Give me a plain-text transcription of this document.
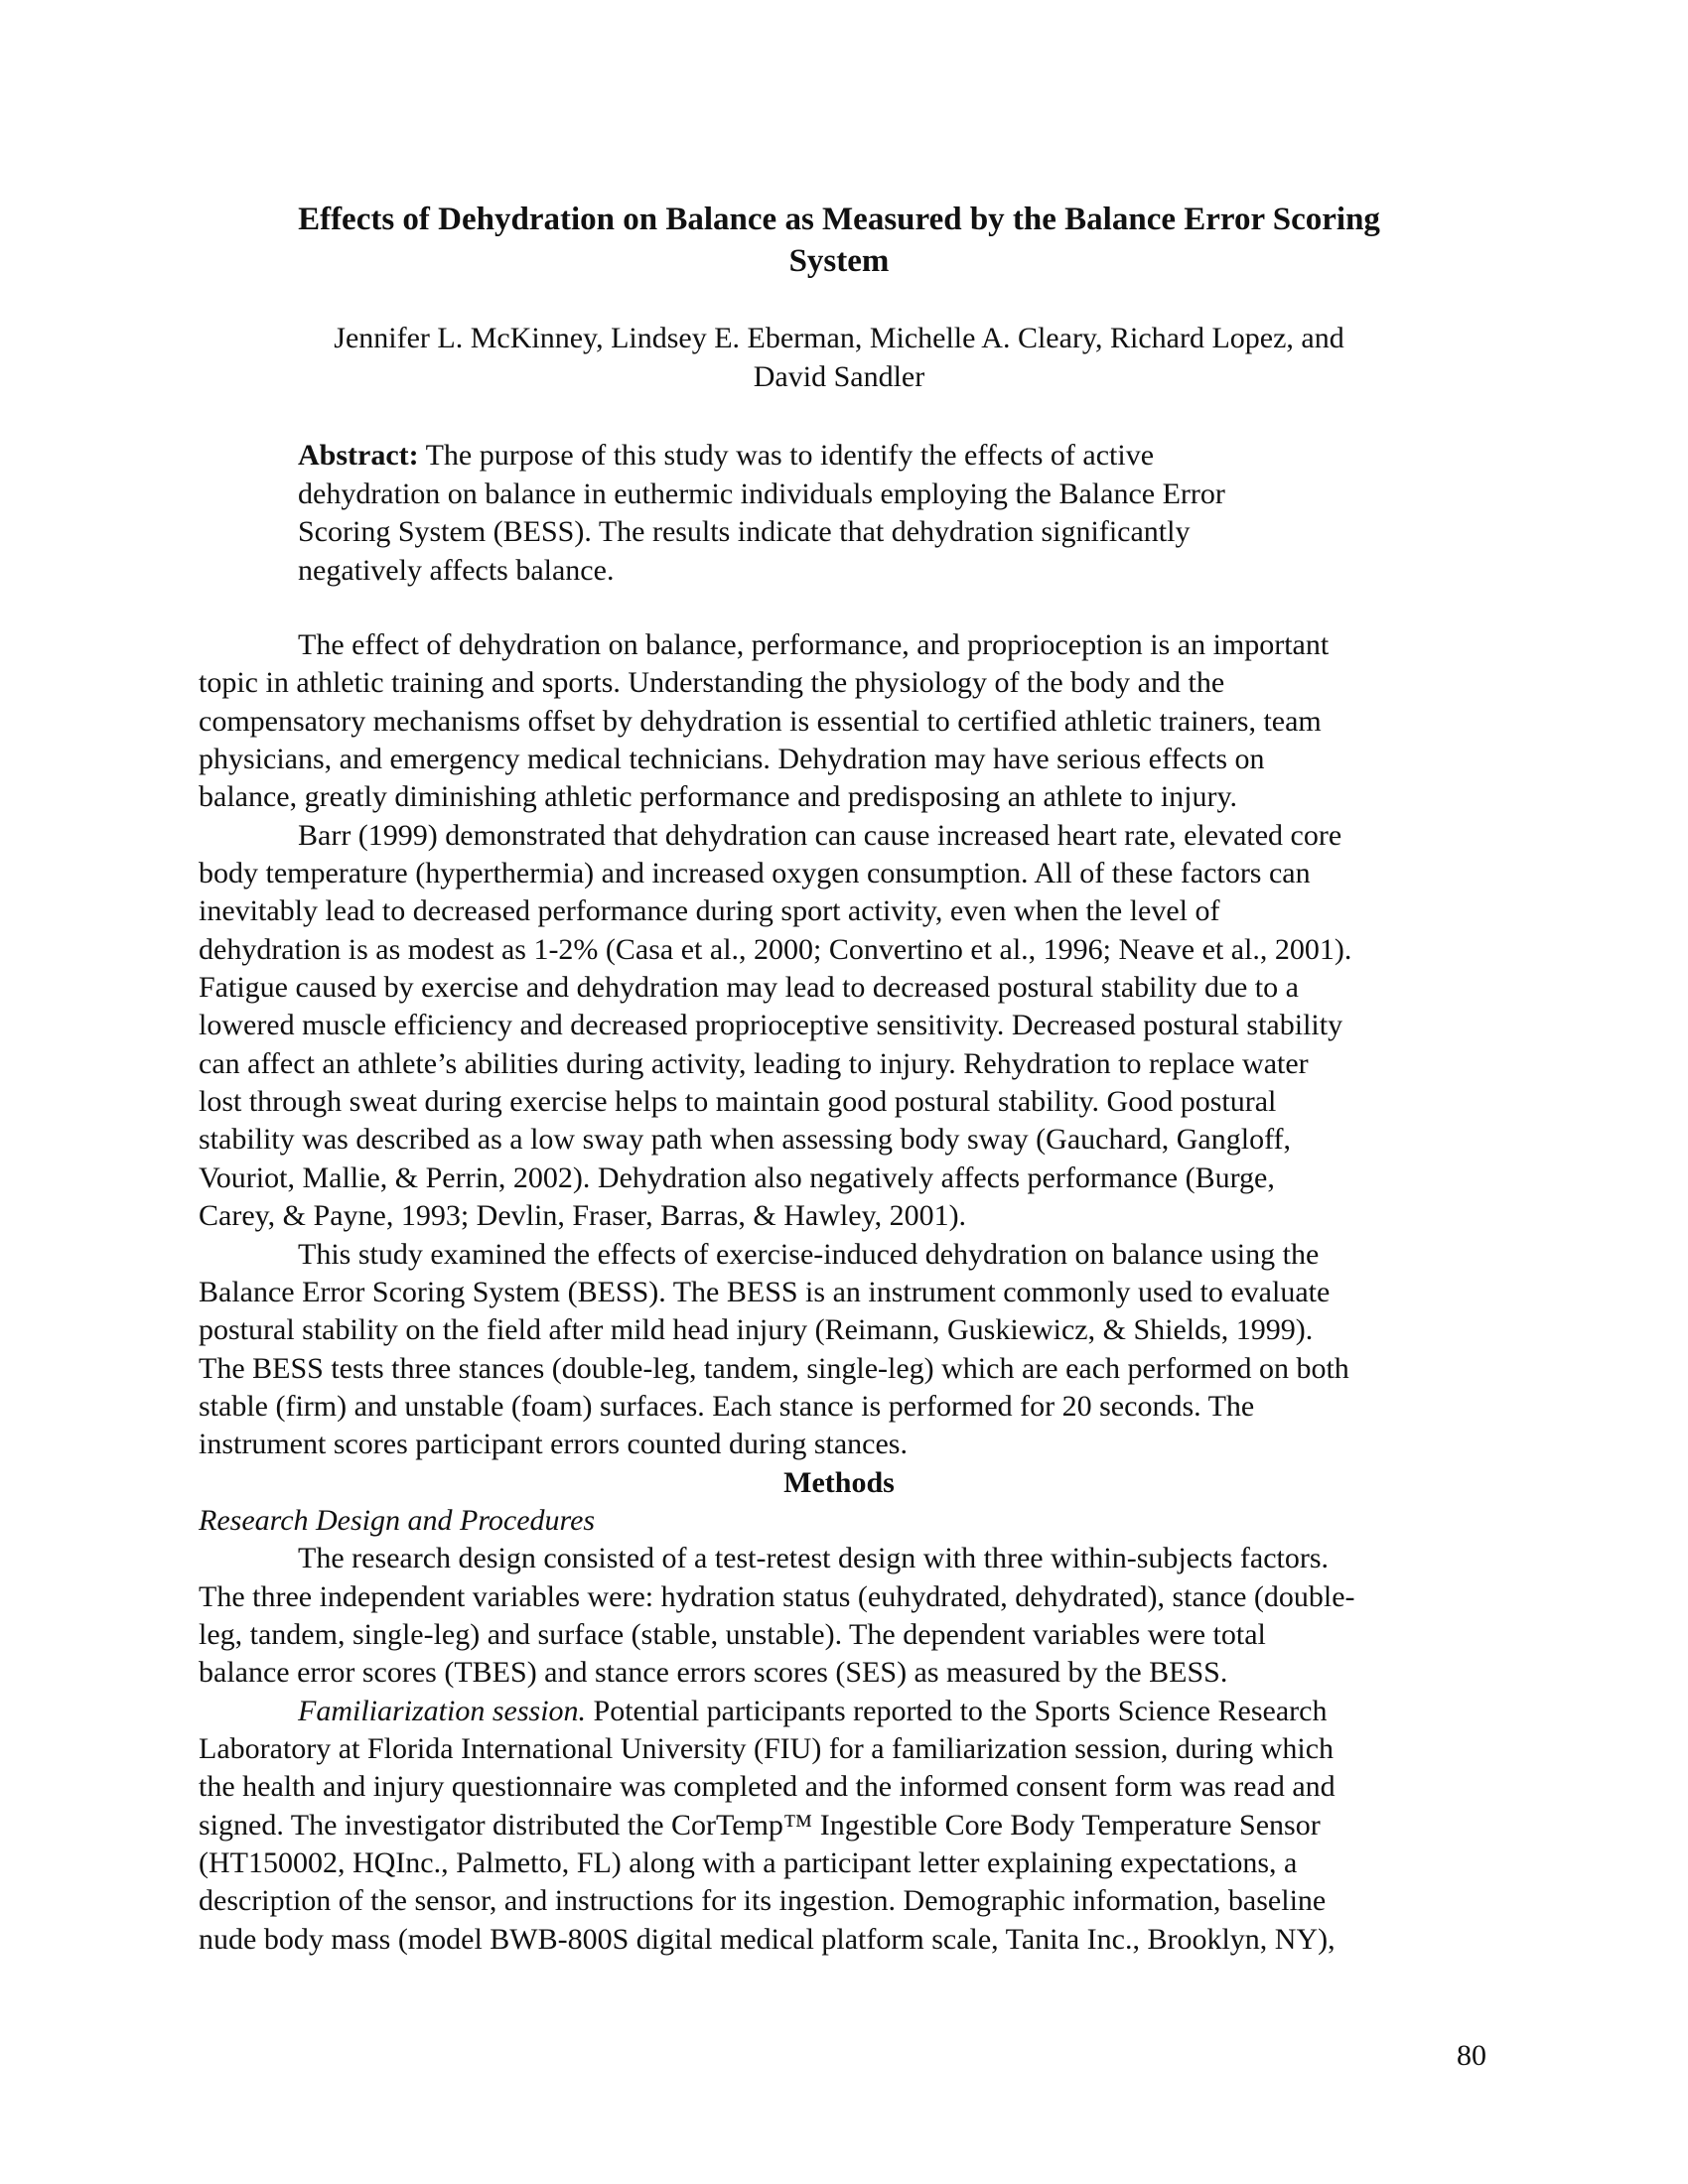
Effects of Dehydration on Balance as Measured by the Balance Error Scoring
System
Jennifer L. McKinney, Lindsey E. Eberman, Michelle A. Cleary, Richard Lopez, and
David Sandler
Abstract: The purpose of this study was to identify the effects of active
dehydration on balance in euthermic individuals employing the Balance Error
Scoring System (BESS). The results indicate that dehydration significantly
negatively affects balance.
The effect of dehydration on balance, performance, and proprioception is an important
topic in athletic training and sports. Understanding the physiology of the body and the
compensatory mechanisms offset by dehydration is essential to certified athletic trainers, team
physicians, and emergency medical technicians. Dehydration may have serious effects on
balance, greatly diminishing athletic performance and predisposing an athlete to injury.
Barr (1999) demonstrated that dehydration can cause increased heart rate, elevated core
body temperature (hyperthermia) and increased oxygen consumption. All of these factors can
inevitably lead to decreased performance during sport activity, even when the level of
dehydration is as modest as 1-2% (Casa et al., 2000; Convertino et al., 1996; Neave et al., 2001).
Fatigue caused by exercise and dehydration may lead to decreased postural stability due to a
lowered muscle efficiency and decreased proprioceptive sensitivity. Decreased postural stability
can affect an athlete’s abilities during activity, leading to injury. Rehydration to replace water
lost through sweat during exercise helps to maintain good postural stability. Good postural
stability was described as a low sway path when assessing body sway (Gauchard, Gangloff,
Vouriot, Mallie, & Perrin, 2002). Dehydration also negatively affects performance (Burge,
Carey, & Payne, 1993; Devlin, Fraser, Barras, & Hawley, 2001).
This study examined the effects of exercise-induced dehydration on balance using the
Balance Error Scoring System (BESS). The BESS is an instrument commonly used to evaluate
postural stability on the field after mild head injury (Reimann, Guskiewicz, & Shields, 1999).
The BESS tests three stances (double-leg, tandem, single-leg) which are each performed on both
stable (firm) and unstable (foam) surfaces. Each stance is performed for 20 seconds. The
instrument scores participant errors counted during stances.
Methods
Research Design and Procedures
The research design consisted of a test-retest design with three within-subjects factors.
The three independent variables were: hydration status (euhydrated, dehydrated), stance (double-
leg, tandem, single-leg) and surface (stable, unstable). The dependent variables were total
balance error scores (TBES) and stance errors scores (SES) as measured by the BESS.
Familiarization session. Potential participants reported to the Sports Science Research
Laboratory at Florida International University (FIU) for a familiarization session, during which
the health and injury questionnaire was completed and the informed consent form was read and
signed. The investigator distributed the CorTemp™ Ingestible Core Body Temperature Sensor
(HT150002, HQInc., Palmetto, FL) along with a participant letter explaining expectations, a
description of the sensor, and instructions for its ingestion. Demographic information, baseline
nude body mass (model BWB-800S digital medical platform scale, Tanita Inc., Brooklyn, NY),
80
